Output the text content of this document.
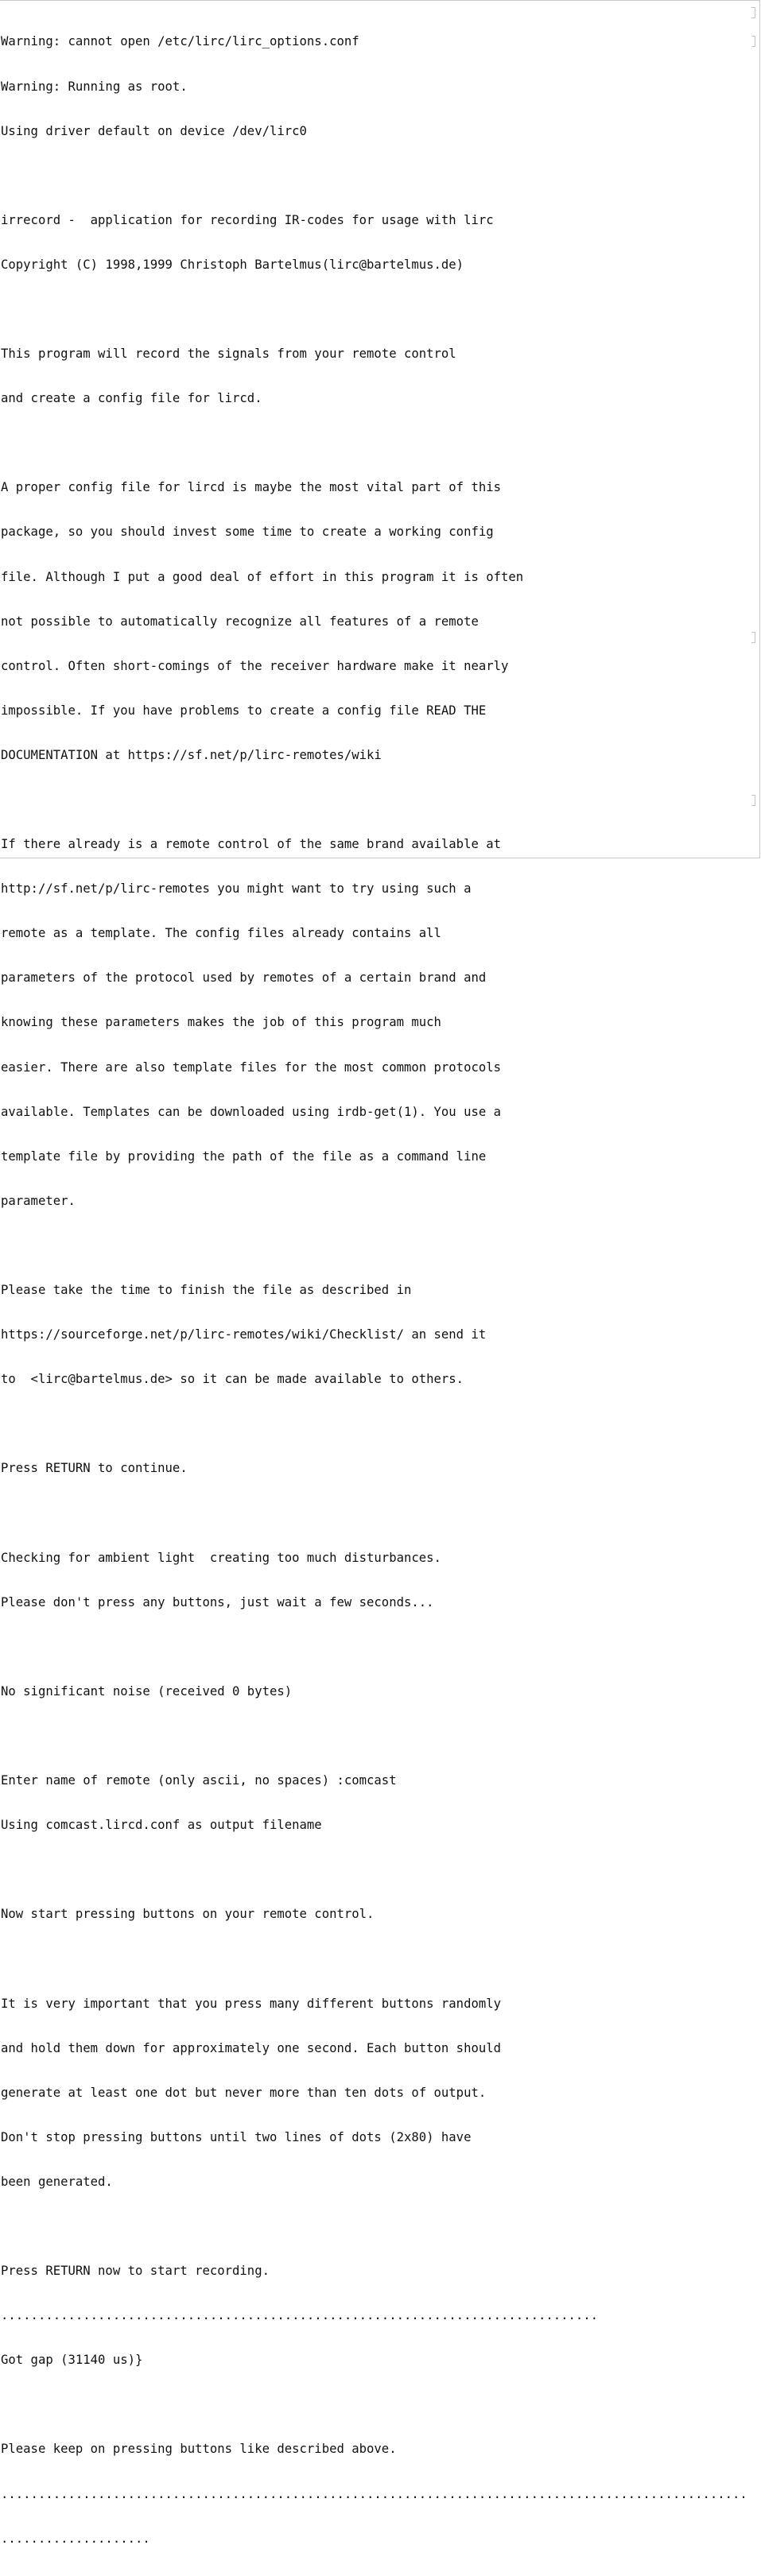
Warning: cannot open /etc/lirc/lirc_options.conf

Warning: Running as root.

Using driver default on device /dev/lirc0

irrecord -  application for recording IR-codes for usage with lirc

Copyright (C) 1998,1999 Christoph Bartelmus(lirc@bartelmus.de)

This program will record the signals from your remote control

and create a config file for lircd.

A proper config file for lircd is maybe the most vital part of this

package, so you should invest some time to create a working config

file. Although I put a good deal of effort in this program it is often

not possible to automatically recognize all features of a remote

control. Often short-comings of the receiver hardware make it nearly

impossible. If you have problems to create a config file READ THE

DOCUMENTATION at https://sf.net/p/lirc-remotes/wiki

If there already is a remote control of the same brand available at

http://sf.net/p/lirc-remotes you might want to try using such a

remote as a template. The config files already contains all

parameters of the protocol used by remotes of a certain brand and

knowing these parameters makes the job of this program much

easier. There are also template files for the most common protocols

available. Templates can be downloaded using irdb-get(1). You use a

template file by providing the path of the file as a command line

parameter.

Please take the time to finish the file as described in

https://sourceforge.net/p/lirc-remotes/wiki/Checklist/ an send it

to  <lirc@bartelmus.de> so it can be made available to others.

Press RETURN to continue.

Checking for ambient light  creating too much disturbances.

Please don't press any buttons, just wait a few seconds...

No significant noise (received 0 bytes)

Enter name of remote (only ascii, no spaces) :comcast

Using comcast.lircd.conf as output filename

Now start pressing buttons on your remote control.

It is very important that you press many different buttons randomly

and hold them down for approximately one second. Each button should

generate at least one dot but never more than ten dots of output.

Don't stop pressing buttons until two lines of dots (2x80) have

been generated.

Press RETURN now to start recording.

................................................................................

Got gap (31140 us)}

Please keep on pressing buttons like described above.

....................................................................................................

....................
